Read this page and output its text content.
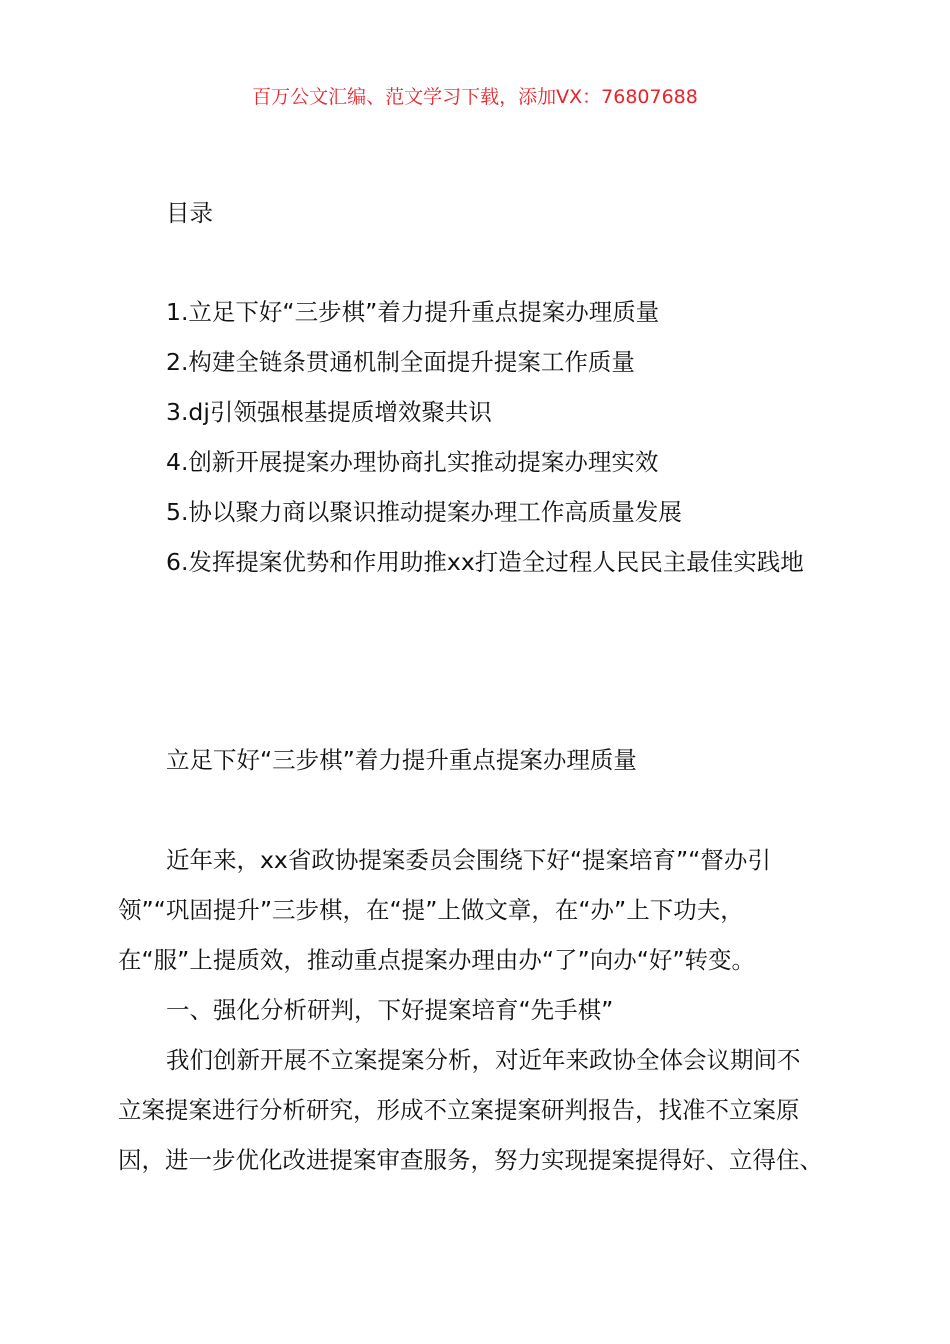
百万公文汇编、范文学习下载，添加VX：76807688
目录
1.立足下好“三步棋”着力提升重点提案办理质量
2.构建全链条贯通机制全面提升提案工作质量
3.dj引领强根基提质增效聚共识
4.创新开展提案办理协商扎实推动提案办理实效
5.协以聚力商以聚识推动提案办理工作高质量发展
6.发挥提案优势和作用助推xx打造全过程人民民主最佳实践地
立足下好“三步棋”着力提升重点提案办理质量
近年来，xx省政协提案委员会围绕下好“提案培育”“督办引
领”“巩固提升”三步棋，在“提”上做文章，在“办”上下功夫，
在“服”上提质效，推动重点提案办理由办“了”向办“好”转变。
一、强化分析研判，下好提案培育“先手棋”
我们创新开展不立案提案分析，对近年来政协全体会议期间不
立案提案进行分析研究，形成不立案提案研判报告，找准不立案原
因，进一步优化改进提案审查服务，努力实现提案提得好、立得住、
